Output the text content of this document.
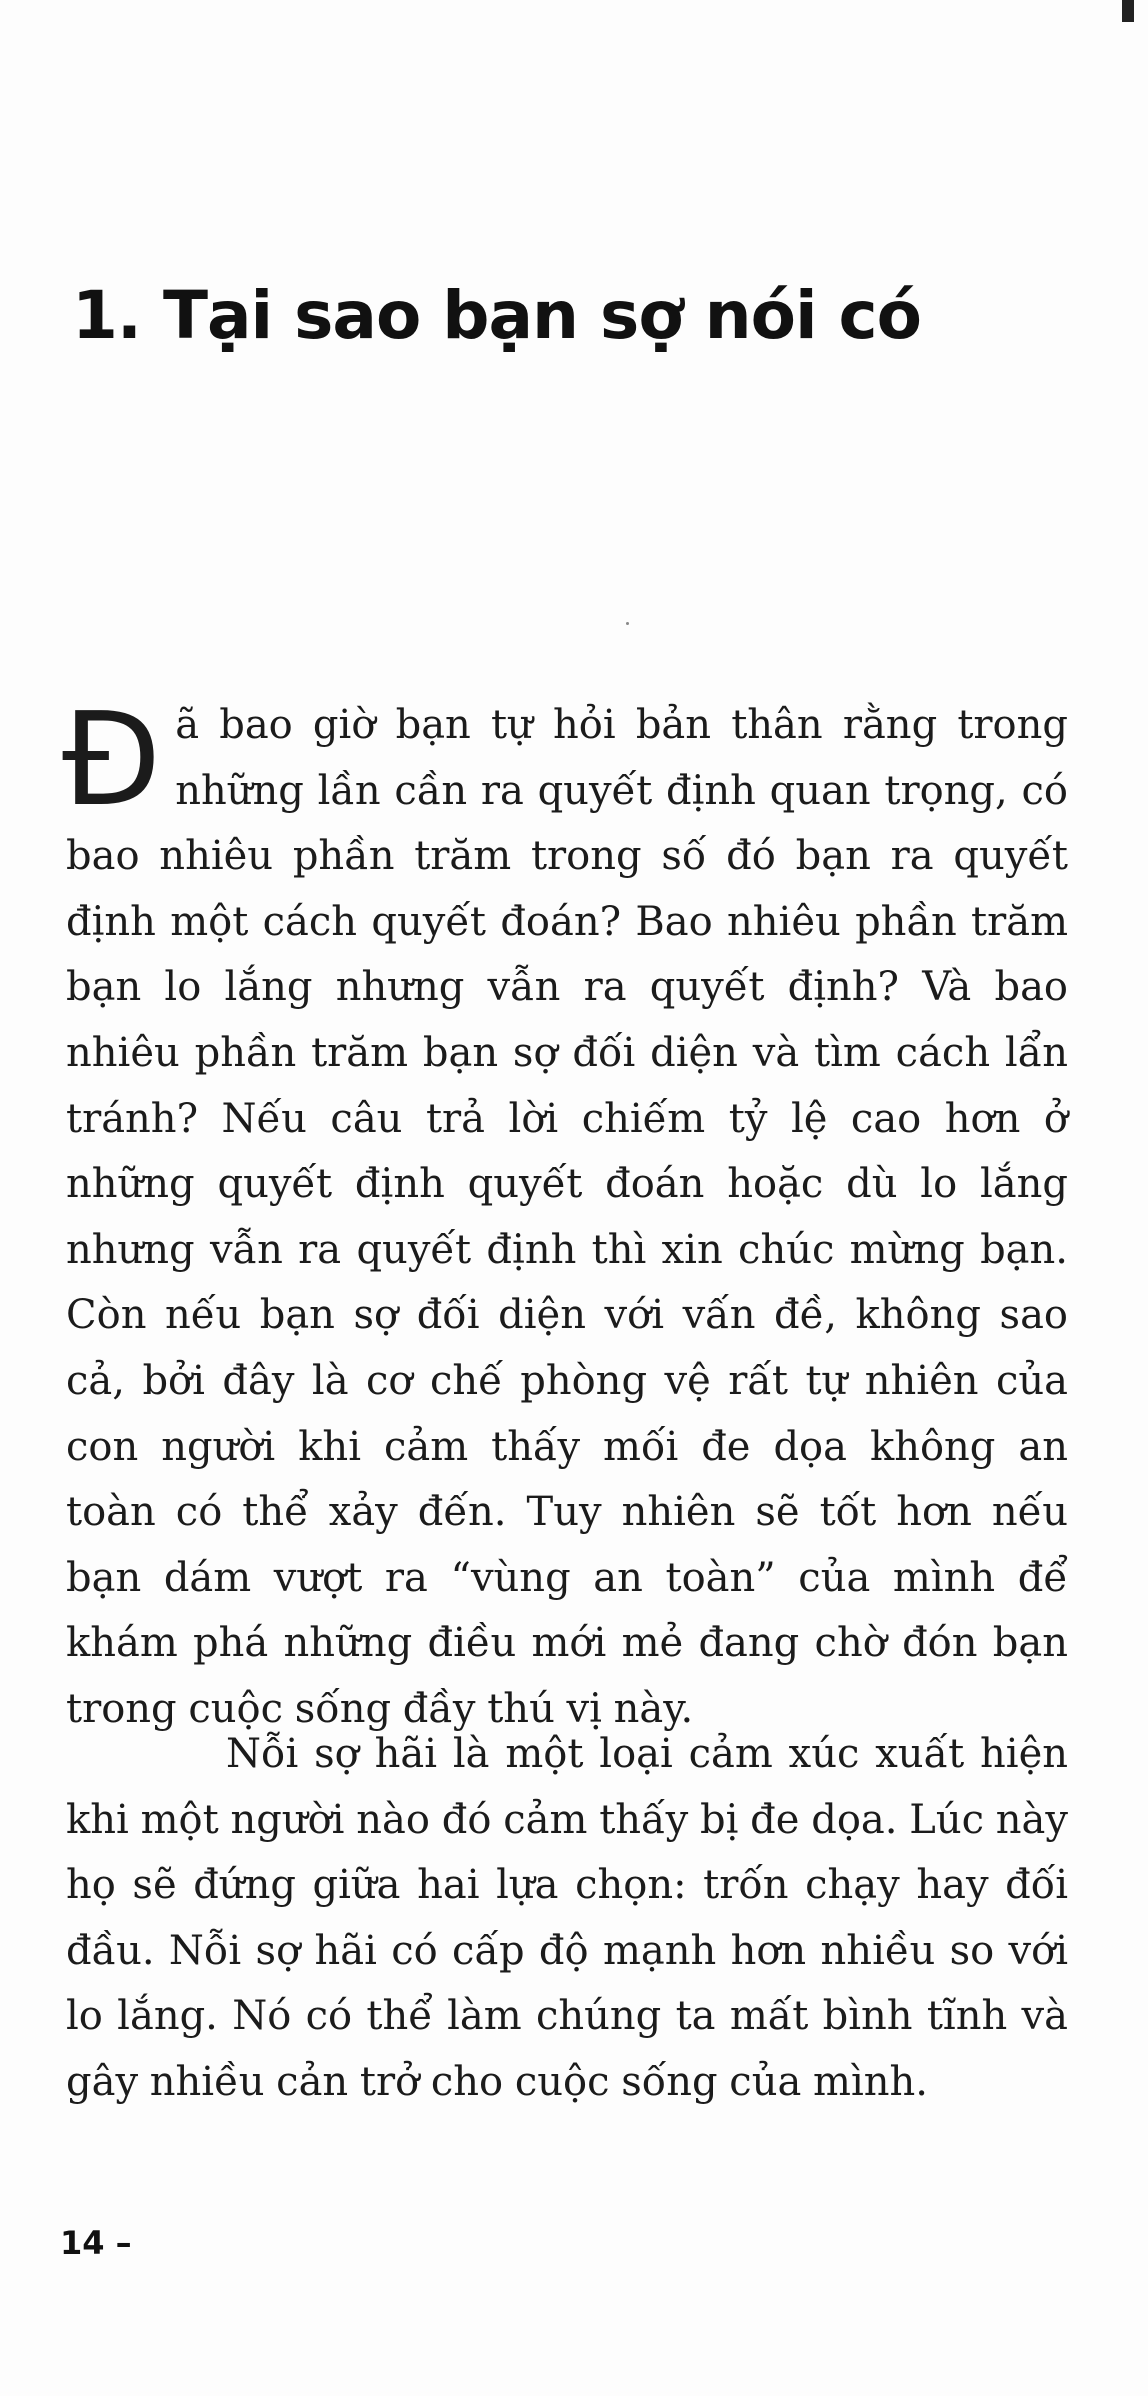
1. Tại sao bạn sợ nói có

Đã bao giờ bạn tự hỏi bản thân rằng trong những lần cần ra quyết định quan trọng, có bao nhiêu phần trăm trong số đó bạn ra quyết định một cách quyết đoán? Bao nhiêu phần trăm bạn lo lắng nhưng vẫn ra quyết định? Và bao nhiêu phần trăm bạn sợ đối diện và tìm cách lẩn tránh? Nếu câu trả lời chiếm tỷ lệ cao hơn ở những quyết định quyết đoán hoặc dù lo lắng nhưng vẫn ra quyết định thì xin chúc mừng bạn. Còn nếu bạn sợ đối diện với vấn đề, không sao cả, bởi đây là cơ chế phòng vệ rất tự nhiên của con người khi cảm thấy mối đe dọa không an toàn có thể xảy đến. Tuy nhiên sẽ tốt hơn nếu bạn dám vượt ra “vùng an toàn” của mình để khám phá những điều mới mẻ đang chờ đón bạn trong cuộc sống đầy thú vị này.

Nỗi sợ hãi là một loại cảm xúc xuất hiện khi một người nào đó cảm thấy bị đe dọa. Lúc này họ sẽ đứng giữa hai lựa chọn: trốn chạy hay đối đầu. Nỗi sợ hãi có cấp độ mạnh hơn nhiều so với lo lắng. Nó có thể làm chúng ta mất bình tĩnh và gây nhiều cản trở cho cuộc sống của mình.

14 –
